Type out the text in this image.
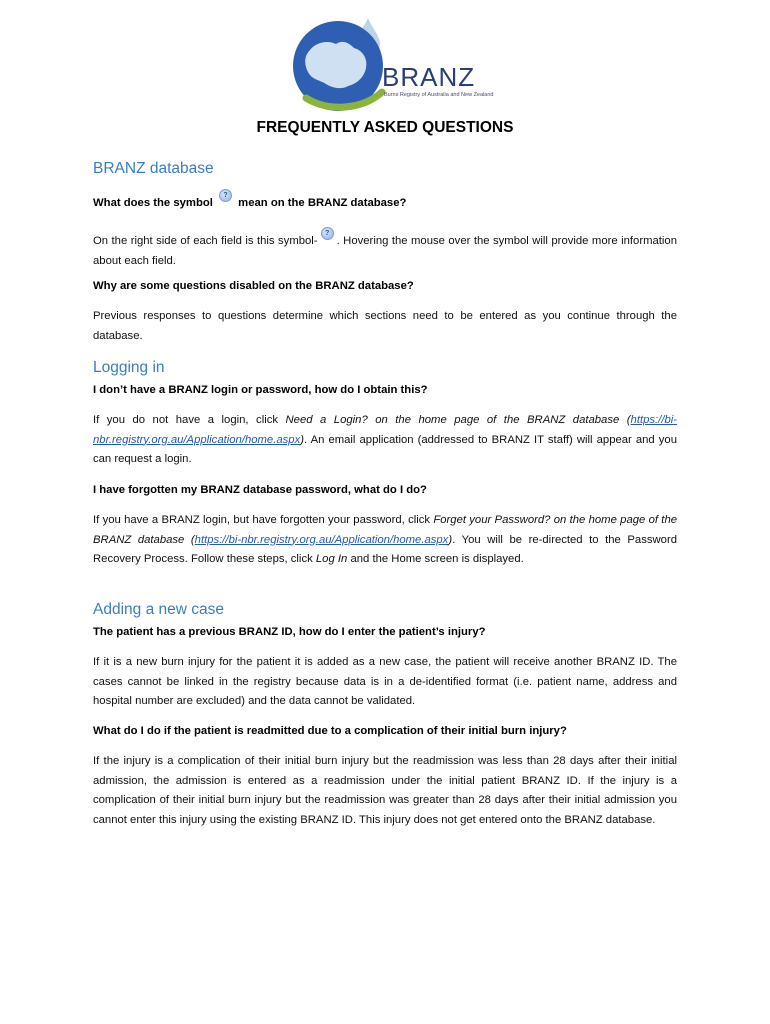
BRANZ
Burns Registry of Australia and New Zealand
FREQUENTLY ASKED QUESTIONS
BRANZ database

What does the symbol ? mean on the BRANZ database?

On the right side of each field is this symbol-? . Hovering the mouse over the symbol will provide more information about each field.

Why are some questions disabled on the BRANZ database?

Previous responses to questions determine which sections need to be entered as you continue through the database.

Logging in

I don’t have a BRANZ login or password, how do I obtain this?

If you do not have a login, click Need a Login? on the home page of the BRANZ database (https://bi-nbr.registry.org.au/Application/home.aspx). An email application (addressed to BRANZ IT staff) will appear and you can request a login.

I have forgotten my BRANZ database password, what do I do?

If you have a BRANZ login, but have forgotten your password, click Forget your Password? on the home page of the BRANZ database (https://bi-nbr.registry.org.au/Application/home.aspx). You will be re-directed to the Password Recovery Process. Follow these steps, click Log In and the Home screen is displayed.

Adding a new case

The patient has a previous BRANZ ID, how do I enter the patient’s injury?

If it is a new burn injury for the patient it is added as a new case, the patient will receive another BRANZ ID. The cases cannot be linked in the registry because data is in a de-identified format (i.e. patient name, address and hospital number are excluded) and the data cannot be validated.

What do I do if the patient is readmitted due to a complication of their initial burn injury?

If the injury is a complication of their initial burn injury but the readmission was less than 28 days after their initial admission, the admission is entered as a readmission under the initial patient BRANZ ID. If the injury is a complication of their initial burn injury but the readmission was greater than 28 days after their initial admission you cannot enter this injury using the existing BRANZ ID. This injury does not get entered onto the BRANZ database.
